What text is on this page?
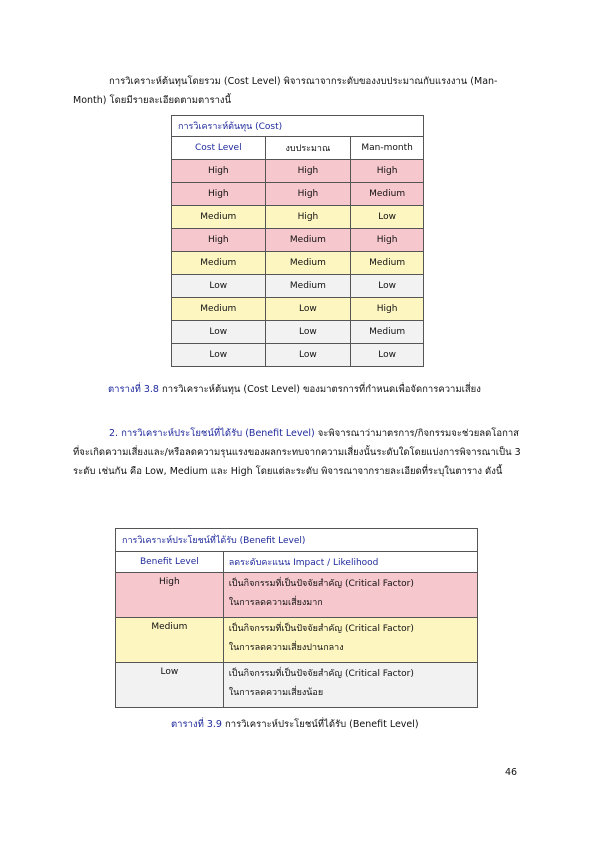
การวิเคราะห์ต้นทุนโดยรวม (Cost Level) พิจารณาจากระดับของงบประมาณกับแรงงาน (Man-Month) โดยมีรายละเอียดตามตารางนี้

การวิเคราะห์ต้นทุน (Cost)		
Cost Level	งบประมาณ	Man-month
High	High	High
High	High	Medium
Medium	High	Low
High	Medium	High
Medium	Medium	Medium
Low	Medium	Low
Medium	Low	High
Low	Low	Medium
Low	Low	Low

ตารางที่ 3.8 การวิเคราะห์ต้นทุน (Cost Level) ของมาตรการที่กำหนดเพื่อจัดการความเสี่ยง

2. การวิเคราะห์ประโยชน์ที่ได้รับ (Benefit Level) จะพิจารณาว่ามาตรการ/กิจกรรมจะช่วยลดโอกาสที่จะเกิดความเสี่ยงและ/หรือลดความรุนแรงของผลกระทบจากความเสี่ยงนั้นระดับใดโดยแบ่งการพิจารณาเป็น 3 ระดับ เช่นกัน คือ Low, Medium และ High โดยแต่ละระดับ พิจารณาจากรายละเอียดที่ระบุในตาราง ดังนี้

การวิเคราะห์ประโยชน์ที่ได้รับ (Benefit Level)	
Benefit Level	ลดระดับคะแนน Impact / Likelihood
High	เป็นกิจกรรมที่เป็นปัจจัยสำคัญ (Critical Factor)
ในการลดความเสี่ยงมาก

Medium	เป็นกิจกรรมที่เป็นปัจจัยสำคัญ (Critical Factor)
ในการลดความเสี่ยงปานกลาง

Low	เป็นกิจกรรมที่เป็นปัจจัยสำคัญ (Critical Factor)
ในการลดความเสี่ยงน้อย

ตารางที่ 3.9 การวิเคราะห์ประโยชน์ที่ได้รับ (Benefit Level)

46
